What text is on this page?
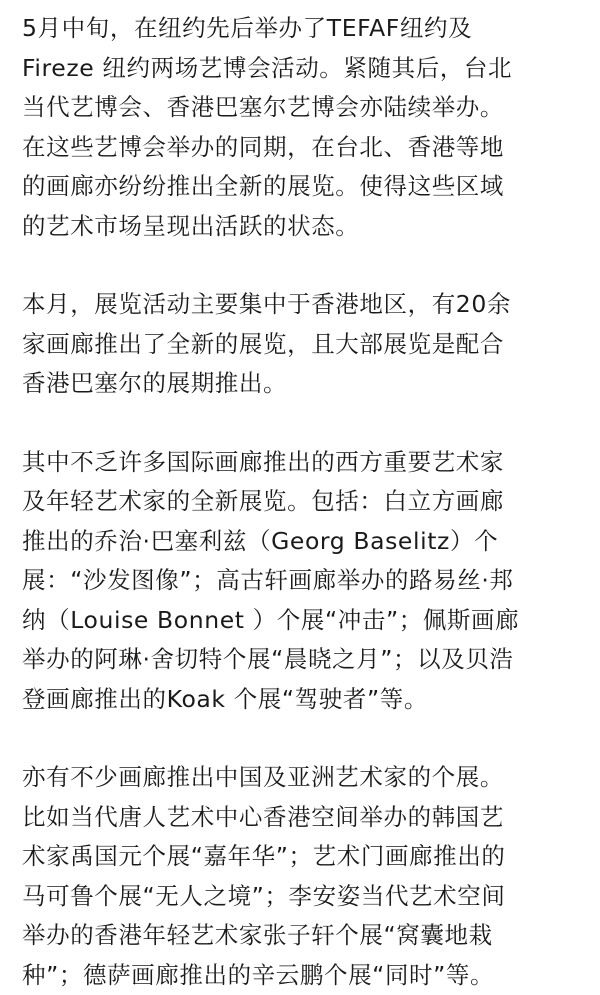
5月中旬，在纽约先后举办了TEFAF纽约及
Fireze 纽约两场艺博会活动。紧随其后，台北
当代艺博会、香港巴塞尔艺博会亦陆续举办。
在这些艺博会举办的同期，在台北、香港等地
的画廊亦纷纷推出全新的展览。使得这些区域
的艺术市场呈现出活跃的状态。

本月，展览活动主要集中于香港地区，有20余
家画廊推出了全新的展览，且大部展览是配合
香港巴塞尔的展期推出。

其中不乏许多国际画廊推出的西方重要艺术家
及年轻艺术家的全新展览。包括：白立方画廊
推出的乔治·巴塞利兹（Georg Baselitz）个
展：“沙发图像”；高古轩画廊举办的路易丝·邦
纳（Louise Bonnet ）个展“冲击”；佩斯画廊
举办的阿琳·舍切特个展“晨晓之月”；以及贝浩
登画廊推出的Koak 个展“驾驶者”等。

亦有不少画廊推出中国及亚洲艺术家的个展。
比如当代唐人艺术中心香港空间举办的韩国艺
术家禹国元个展“嘉年华”；艺术门画廊推出的
马可鲁个展“无人之境”；李安姿当代艺术空间
举办的香港年轻艺术家张子轩个展“窝囊地栽
种”；德萨画廊推出的辛云鹏个展“同时”等。
